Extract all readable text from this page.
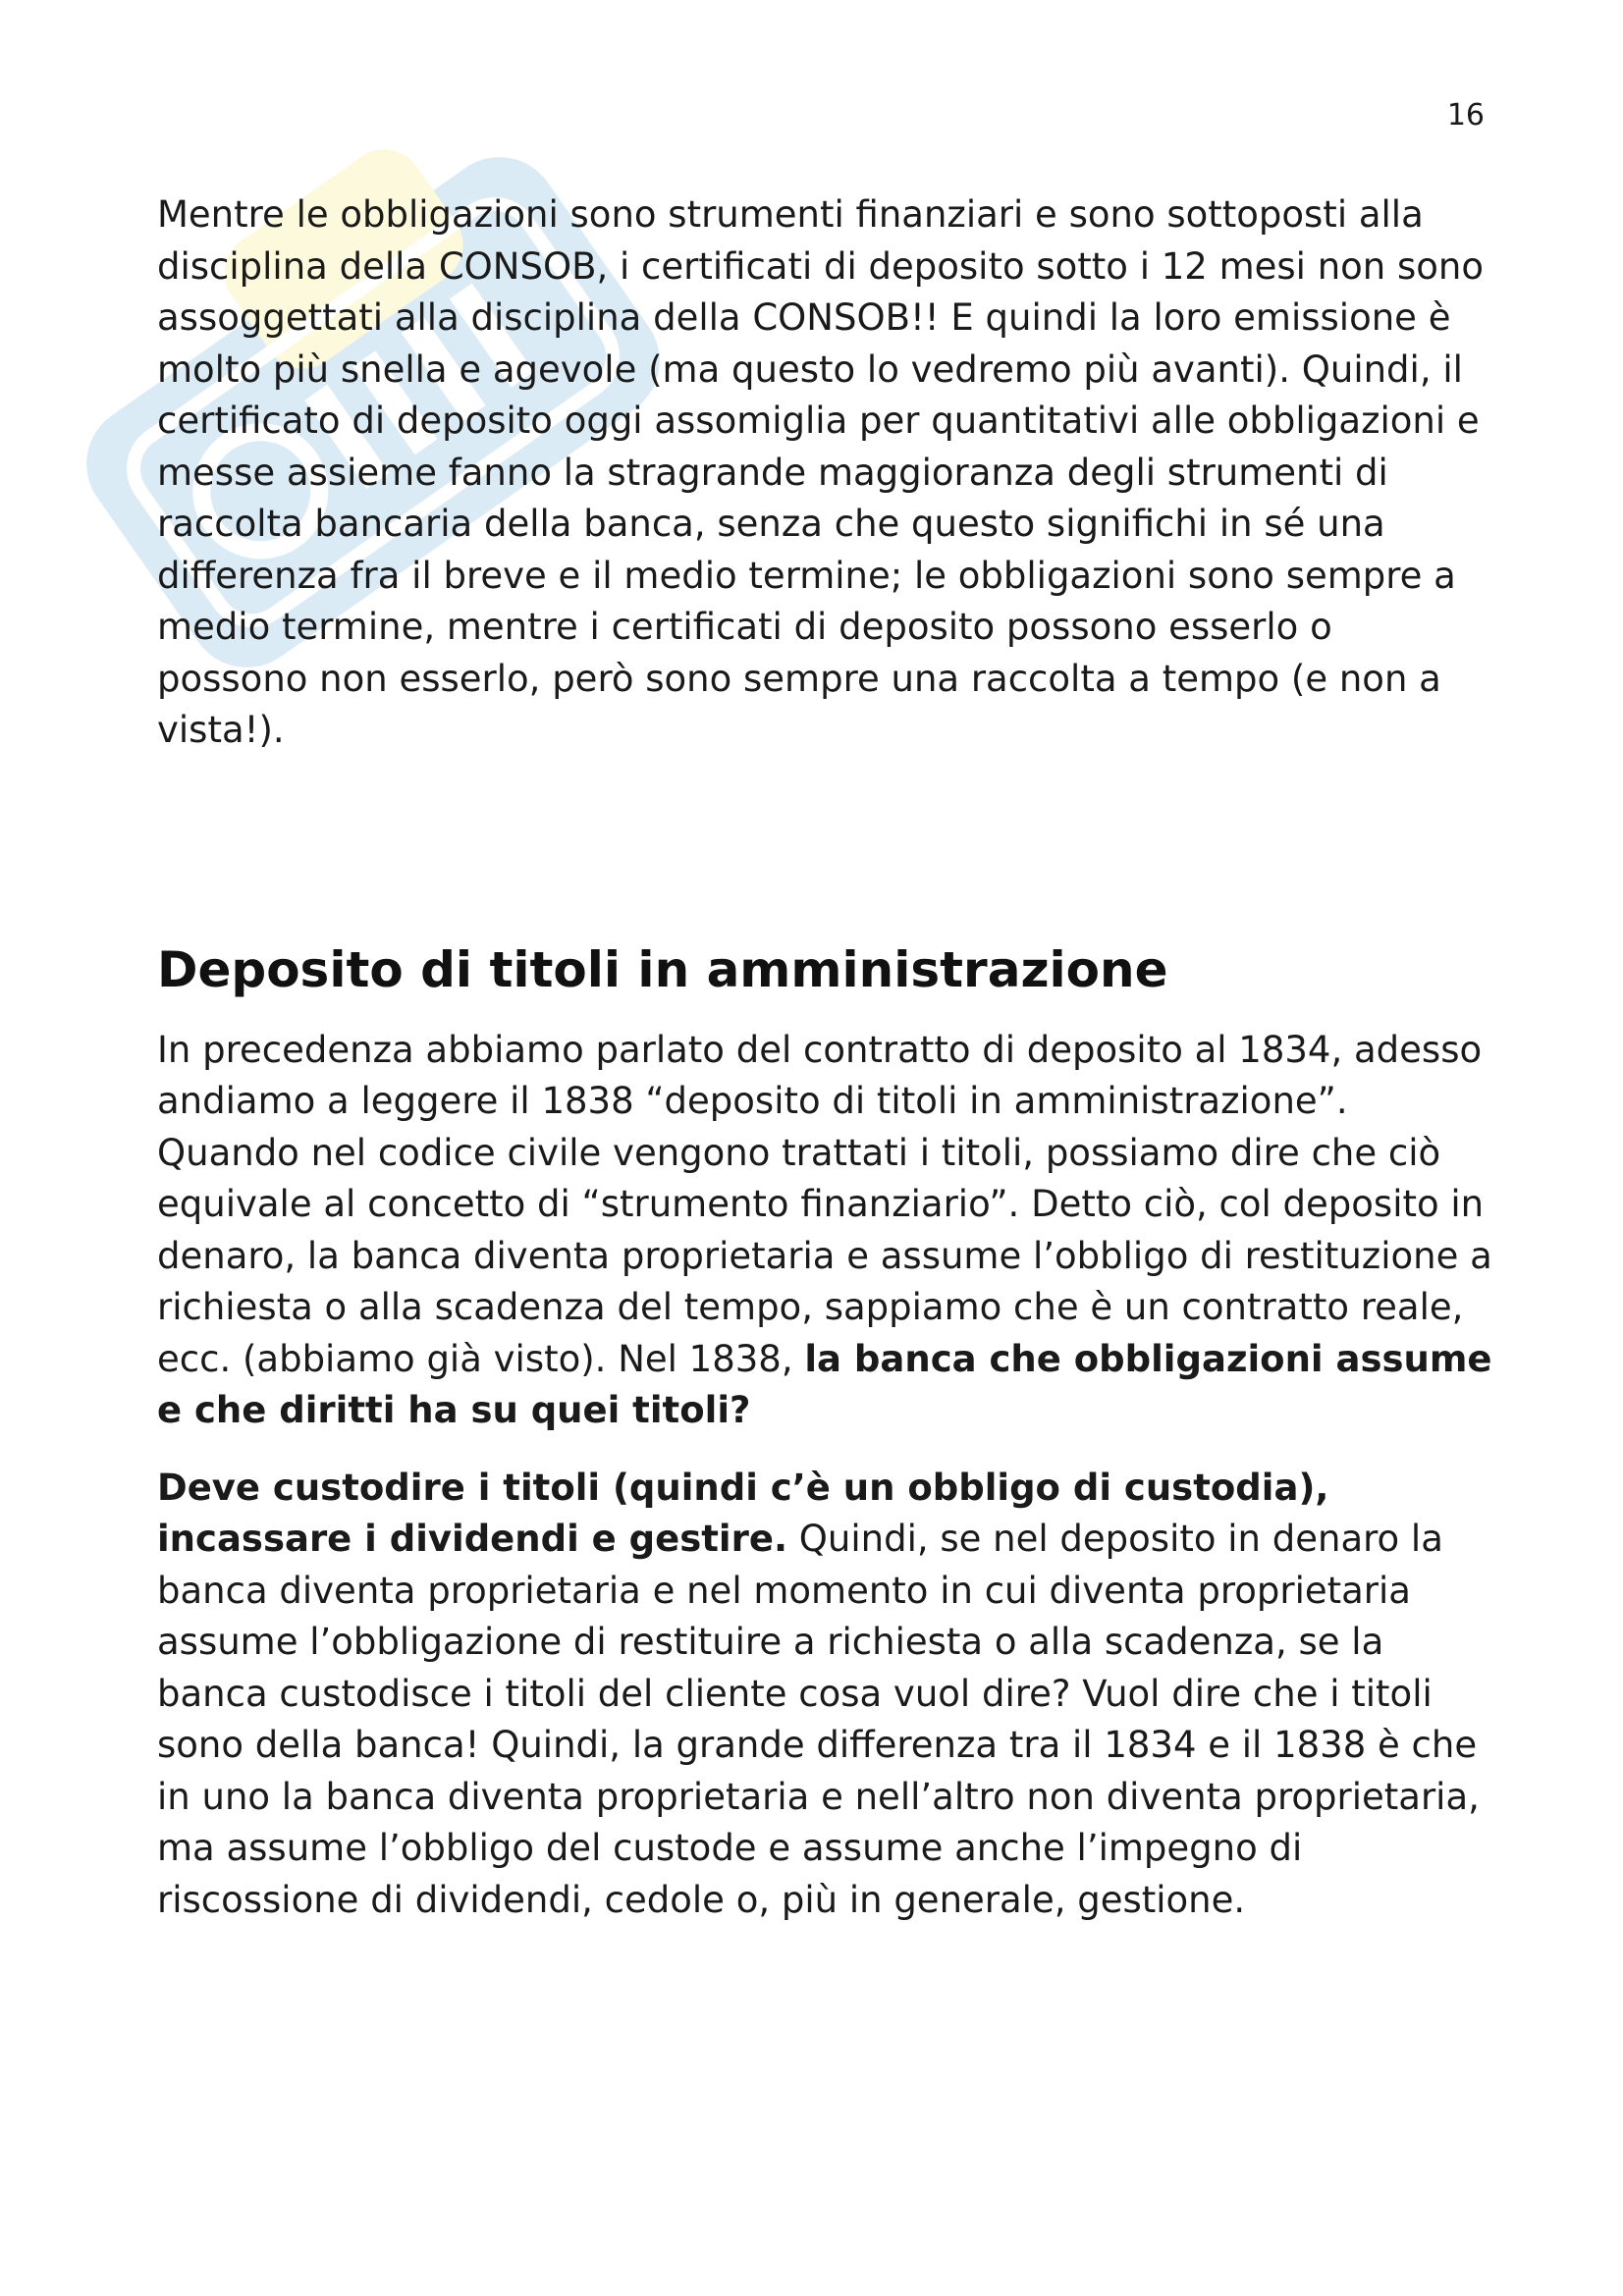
16

Mentre le obbligazioni sono strumenti finanziari e sono sottoposti alla disciplina della CONSOB, i certificati di deposito sotto i 12 mesi non sono assoggettati alla disciplina della CONSOB!! E quindi la loro emissione è molto più snella e agevole (ma questo lo vedremo più avanti). Quindi, il certificato di deposito oggi assomiglia per quantitativi alle obbligazioni e messe assieme fanno la stragrande maggioranza degli strumenti di raccolta bancaria della banca, senza che questo significhi in sé una differenza fra il breve e il medio termine; le obbligazioni sono sempre a medio termine, mentre i certificati di deposito possono esserlo o possono non esserlo, però sono sempre una raccolta a tempo (e non a vista!).

Deposito di titoli in amministrazione

In precedenza abbiamo parlato del contratto di deposito al 1834, adesso andiamo a leggere il 1838 “deposito di titoli in amministrazione”. Quando nel codice civile vengono trattati i titoli, possiamo dire che ciò equivale al concetto di “strumento finanziario”. Detto ciò, col deposito in denaro, la banca diventa proprietaria e assume l’obbligo di restituzione a richiesta o alla scadenza del tempo, sappiamo che è un contratto reale, ecc. (abbiamo già visto). Nel 1838, la banca che obbligazioni assume e che diritti ha su quei titoli?

Deve custodire i titoli (quindi c’è un obbligo di custodia), incassare i dividendi e gestire. Quindi, se nel deposito in denaro la banca diventa proprietaria e nel momento in cui diventa proprietaria assume l’obbligazione di restituire a richiesta o alla scadenza, se la banca custodisce i titoli del cliente cosa vuol dire? Vuol dire che i titoli sono della banca! Quindi, la grande differenza tra il 1834 e il 1838 è che in uno la banca diventa proprietaria e nell’altro non diventa proprietaria, ma assume l’obbligo del custode e assume anche l’impegno di riscossione di dividendi, cedole o, più in generale, gestione.
